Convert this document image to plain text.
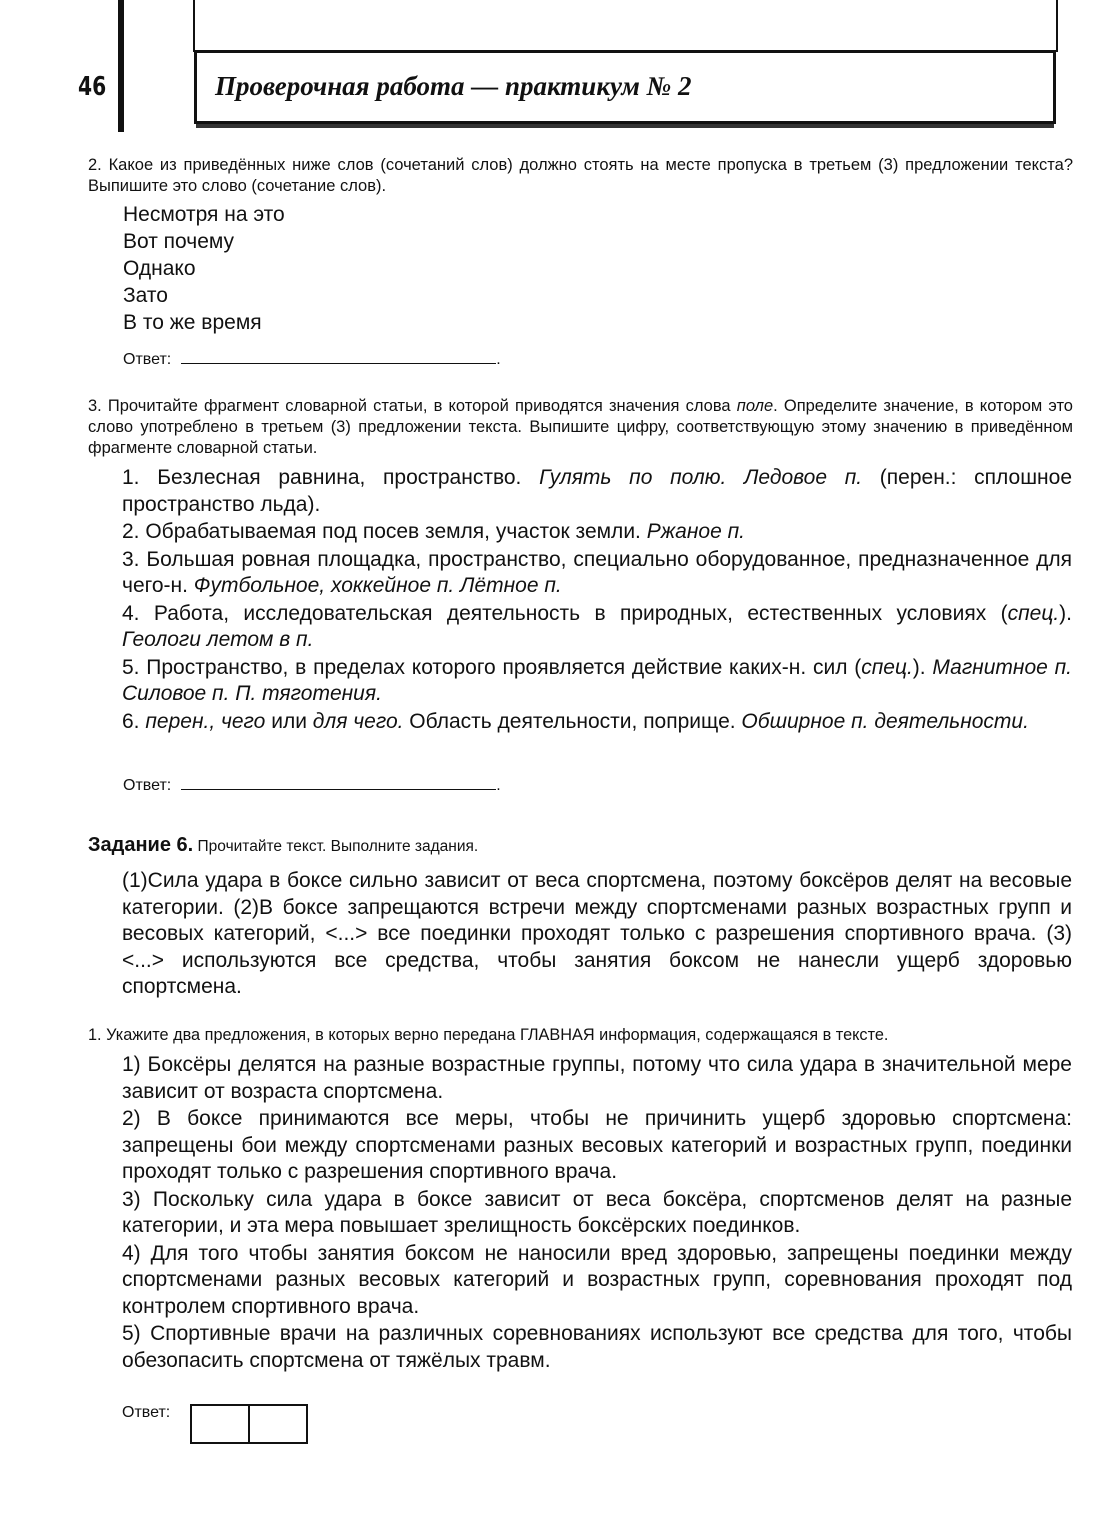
46	Проверочная работа — практикум № 2
2. Какое из приведённых ниже слов (сочетаний слов) должно стоять на месте пропуска в третьем (3) предложении текста? Выпишите это слово (сочетание слов).
Несмотря на это
Вот почему
Однако
Зато
В то же время
Ответ:	.
3. Прочитайте фрагмент словарной статьи, в которой приводятся значения слова поле. Определите значение, в котором это слово употреблено в третьем (3) предложении текста. Выпишите цифру, соответствующую этому значению в приведённом фрагменте словарной статьи.

1. Безлесная равнина, пространство. Гулять по полю. Ледовое п. (перен.: сплошное пространство льда).

2. Обрабатываемая под посев земля, участок земли. Ржаное п.

3. Большая ровная площадка, пространство, специально оборудованное, предназначенное для чего-н. Футбольное, хоккейное п. Лётное п.

4. Работа, исследовательская деятельность в природных, естественных условиях (спец.). Геологи летом в п.

5. Пространство, в пределах которого проявляется действие каких-н. сил (спец.). Магнитное п. Силовое п. П. тяготения.

6. перен., чего или для чего. Область деятельности, поприще. Обширное п. деятельности.

Ответ:	.
Задание 6. Прочитайте текст. Выполните задания.
(1)Сила удара в боксе сильно зависит от веса спортсмена, поэтому боксёров делят на весовые категории. (2)В боксе запрещаются встречи между спортсменами разных возрастных групп и весовых категорий, <...> все поединки проходят только с разрешения спортивного врача. (3) <...> используются все средства, чтобы занятия боксом не нанесли ущерб здоровью спортсмена.
1. Укажите два предложения, в которых верно передана ГЛАВНАЯ информация, содержащаяся в тексте.

1) Боксёры делятся на разные возрастные группы, потому что сила удара в значительной мере зависит от возраста спортсмена.

2) В боксе принимаются все меры, чтобы не причинить ущерб здоровью спортсмена: запрещены бои между спортсменами разных весовых категорий и возрастных групп, поединки проходят только с разрешения спортивного врача.

3) Поскольку сила удара в боксе зависит от веса боксёра, спортсменов делят на разные категории, и эта мера повышает зрелищность боксёрских поединков.

4) Для того чтобы занятия боксом не наносили вред здоровью, запрещены поединки между спортсменами разных весовых категорий и возрастных групп, соревнования проходят под контролем спортивного врача.

5) Спортивные врачи на различных соревнованиях используют все средства для того, чтобы обезопасить спортсмена от тяжёлых травм.

Ответ:
